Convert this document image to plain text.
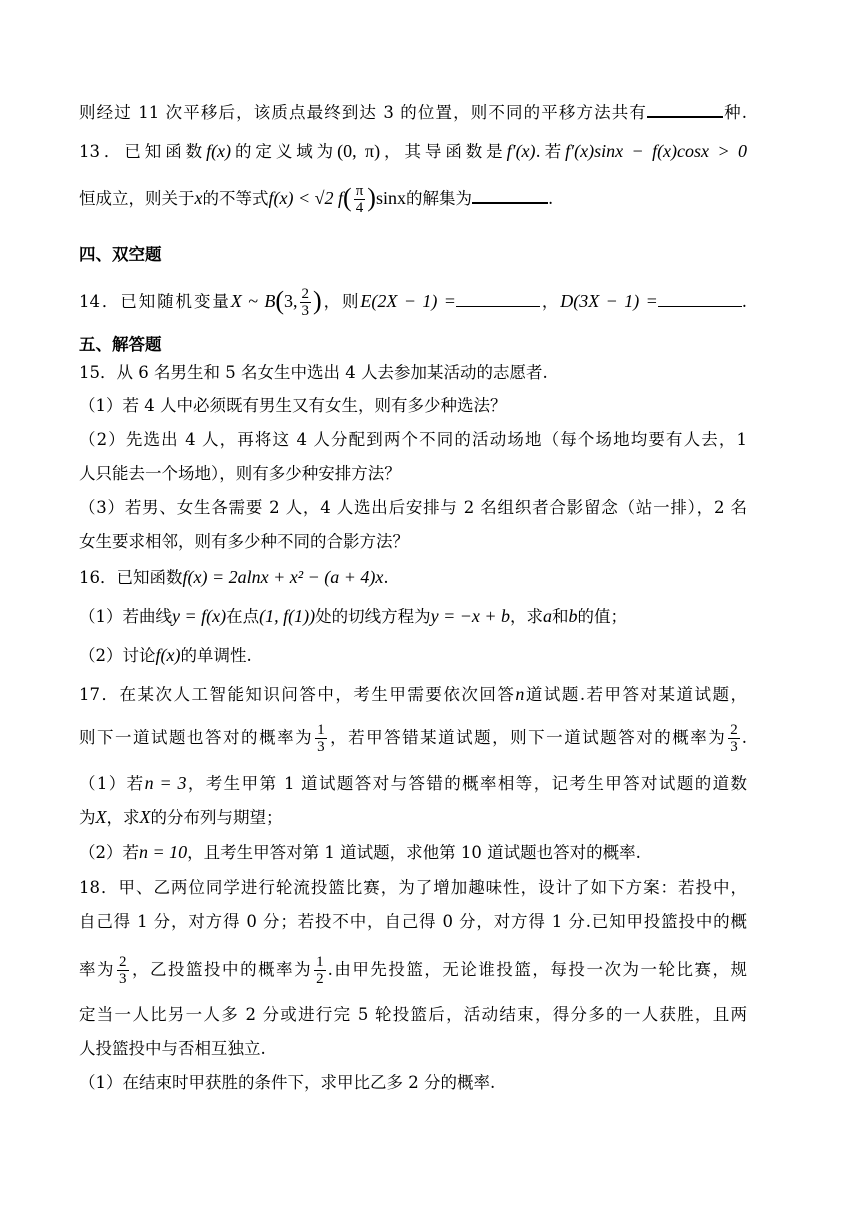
则经过 11 次平移后，该质点最终到达 3 的位置，则不同的平移方法共有	种.
13．已知函数f(x)的定义域为(0, π)，其导函数是f′(x).若f′(x)sinx − f(x)cosx > 0
恒成立，则关于x的不等式f(x) < √2 $f( \frac{\pi}{4} )\sin x$的解集为	.
四、双空题
14．已知随机变量X ~ B(3, $\frac{2}{3}$ )，则E(2X − 1) =	，D(3X − 1) =	.
五、解答题
15．从 6 名男生和 5 名女生中选出 4 人去参加某活动的志愿者.
（1）若 4 人中必须既有男生又有女生，则有多少种选法？
（2）先选出 4 人，再将这 4 人分配到两个不同的活动场地（每个场地均要有人去，1
人只能去一个场地），则有多少种安排方法？
（3）若男、女生各需要 2 人，4 人选出后安排与 2 名组织者合影留念（站一排），2 名
女生要求相邻，则有多少种不同的合影方法？
16．已知函数f(x) = 2alnx + x² − (a + 4)x.
（1）若曲线y = f(x)在点(1, f(1))处的切线方程为y = −x + b，求a和b的值；
（2）讨论f(x)的单调性.
17．在某次人工智能知识问答中，考生甲需要依次回答n道试题.若甲答对某道试题，
则下一道试题也答对的概率为 $\frac{1}{3}$ ，若甲答错某道试题，则下一道试题答对的概率为 $\frac{2}{3}$ .
（1）若n = 3，考生甲第 1 道试题答对与答错的概率相等，记考生甲答对试题的道数
为X，求X的分布列与期望；
（2）若n = 10，且考生甲答对第 1 道试题，求他第 10 道试题也答对的概率.
18．甲、乙两位同学进行轮流投篮比赛，为了增加趣味性，设计了如下方案：若投中，
自己得 1 分，对方得 0 分；若投不中，自己得 0 分，对方得 1 分.已知甲投篮投中的概
率为 $\frac{2}{3}$ ，乙投篮投中的概率为 $\frac{1}{2}$ .由甲先投篮，无论谁投篮，每投一次为一轮比赛，规
定当一人比另一人多 2 分或进行完 5 轮投篮后，活动结束，得分多的一人获胜，且两
人投篮投中与否相互独立.
（1）在结束时甲获胜的条件下，求甲比乙多 2 分的概率.
